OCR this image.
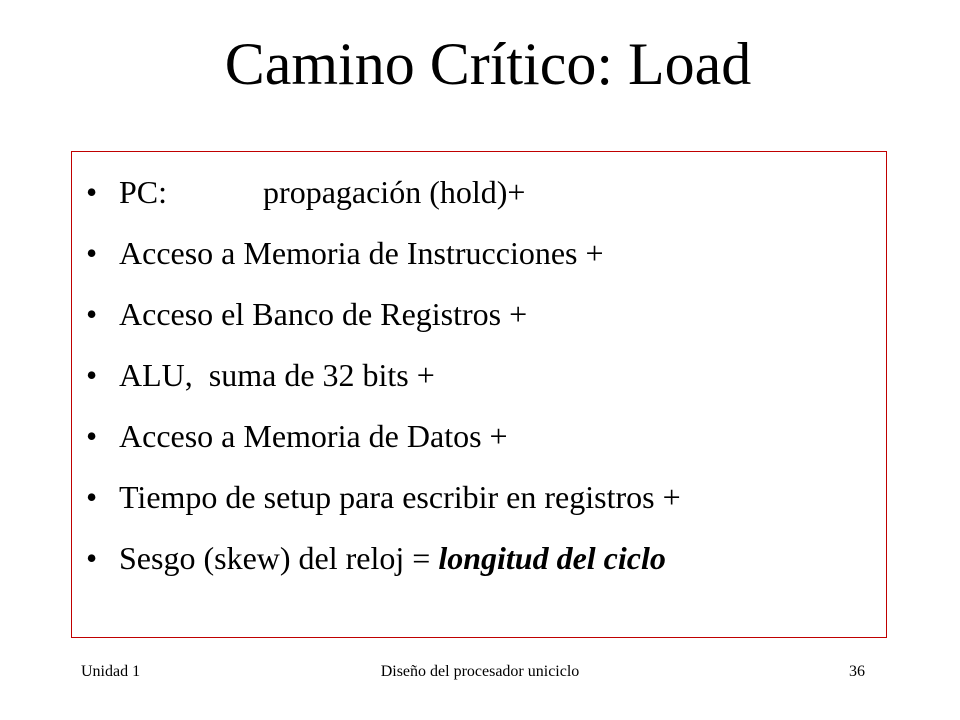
Camino Crítico: Load
• PC:	propagación (hold)+
• Acceso a Memoria de Instrucciones +
• Acceso el Banco de Registros +
• ALU,  suma de 32 bits +
• Acceso a Memoria de Datos +
• Tiempo de setup para escribir en registros +
• Sesgo (skew) del reloj = longitud del ciclo
Unidad 1	Diseño del procesador uniciclo	36
